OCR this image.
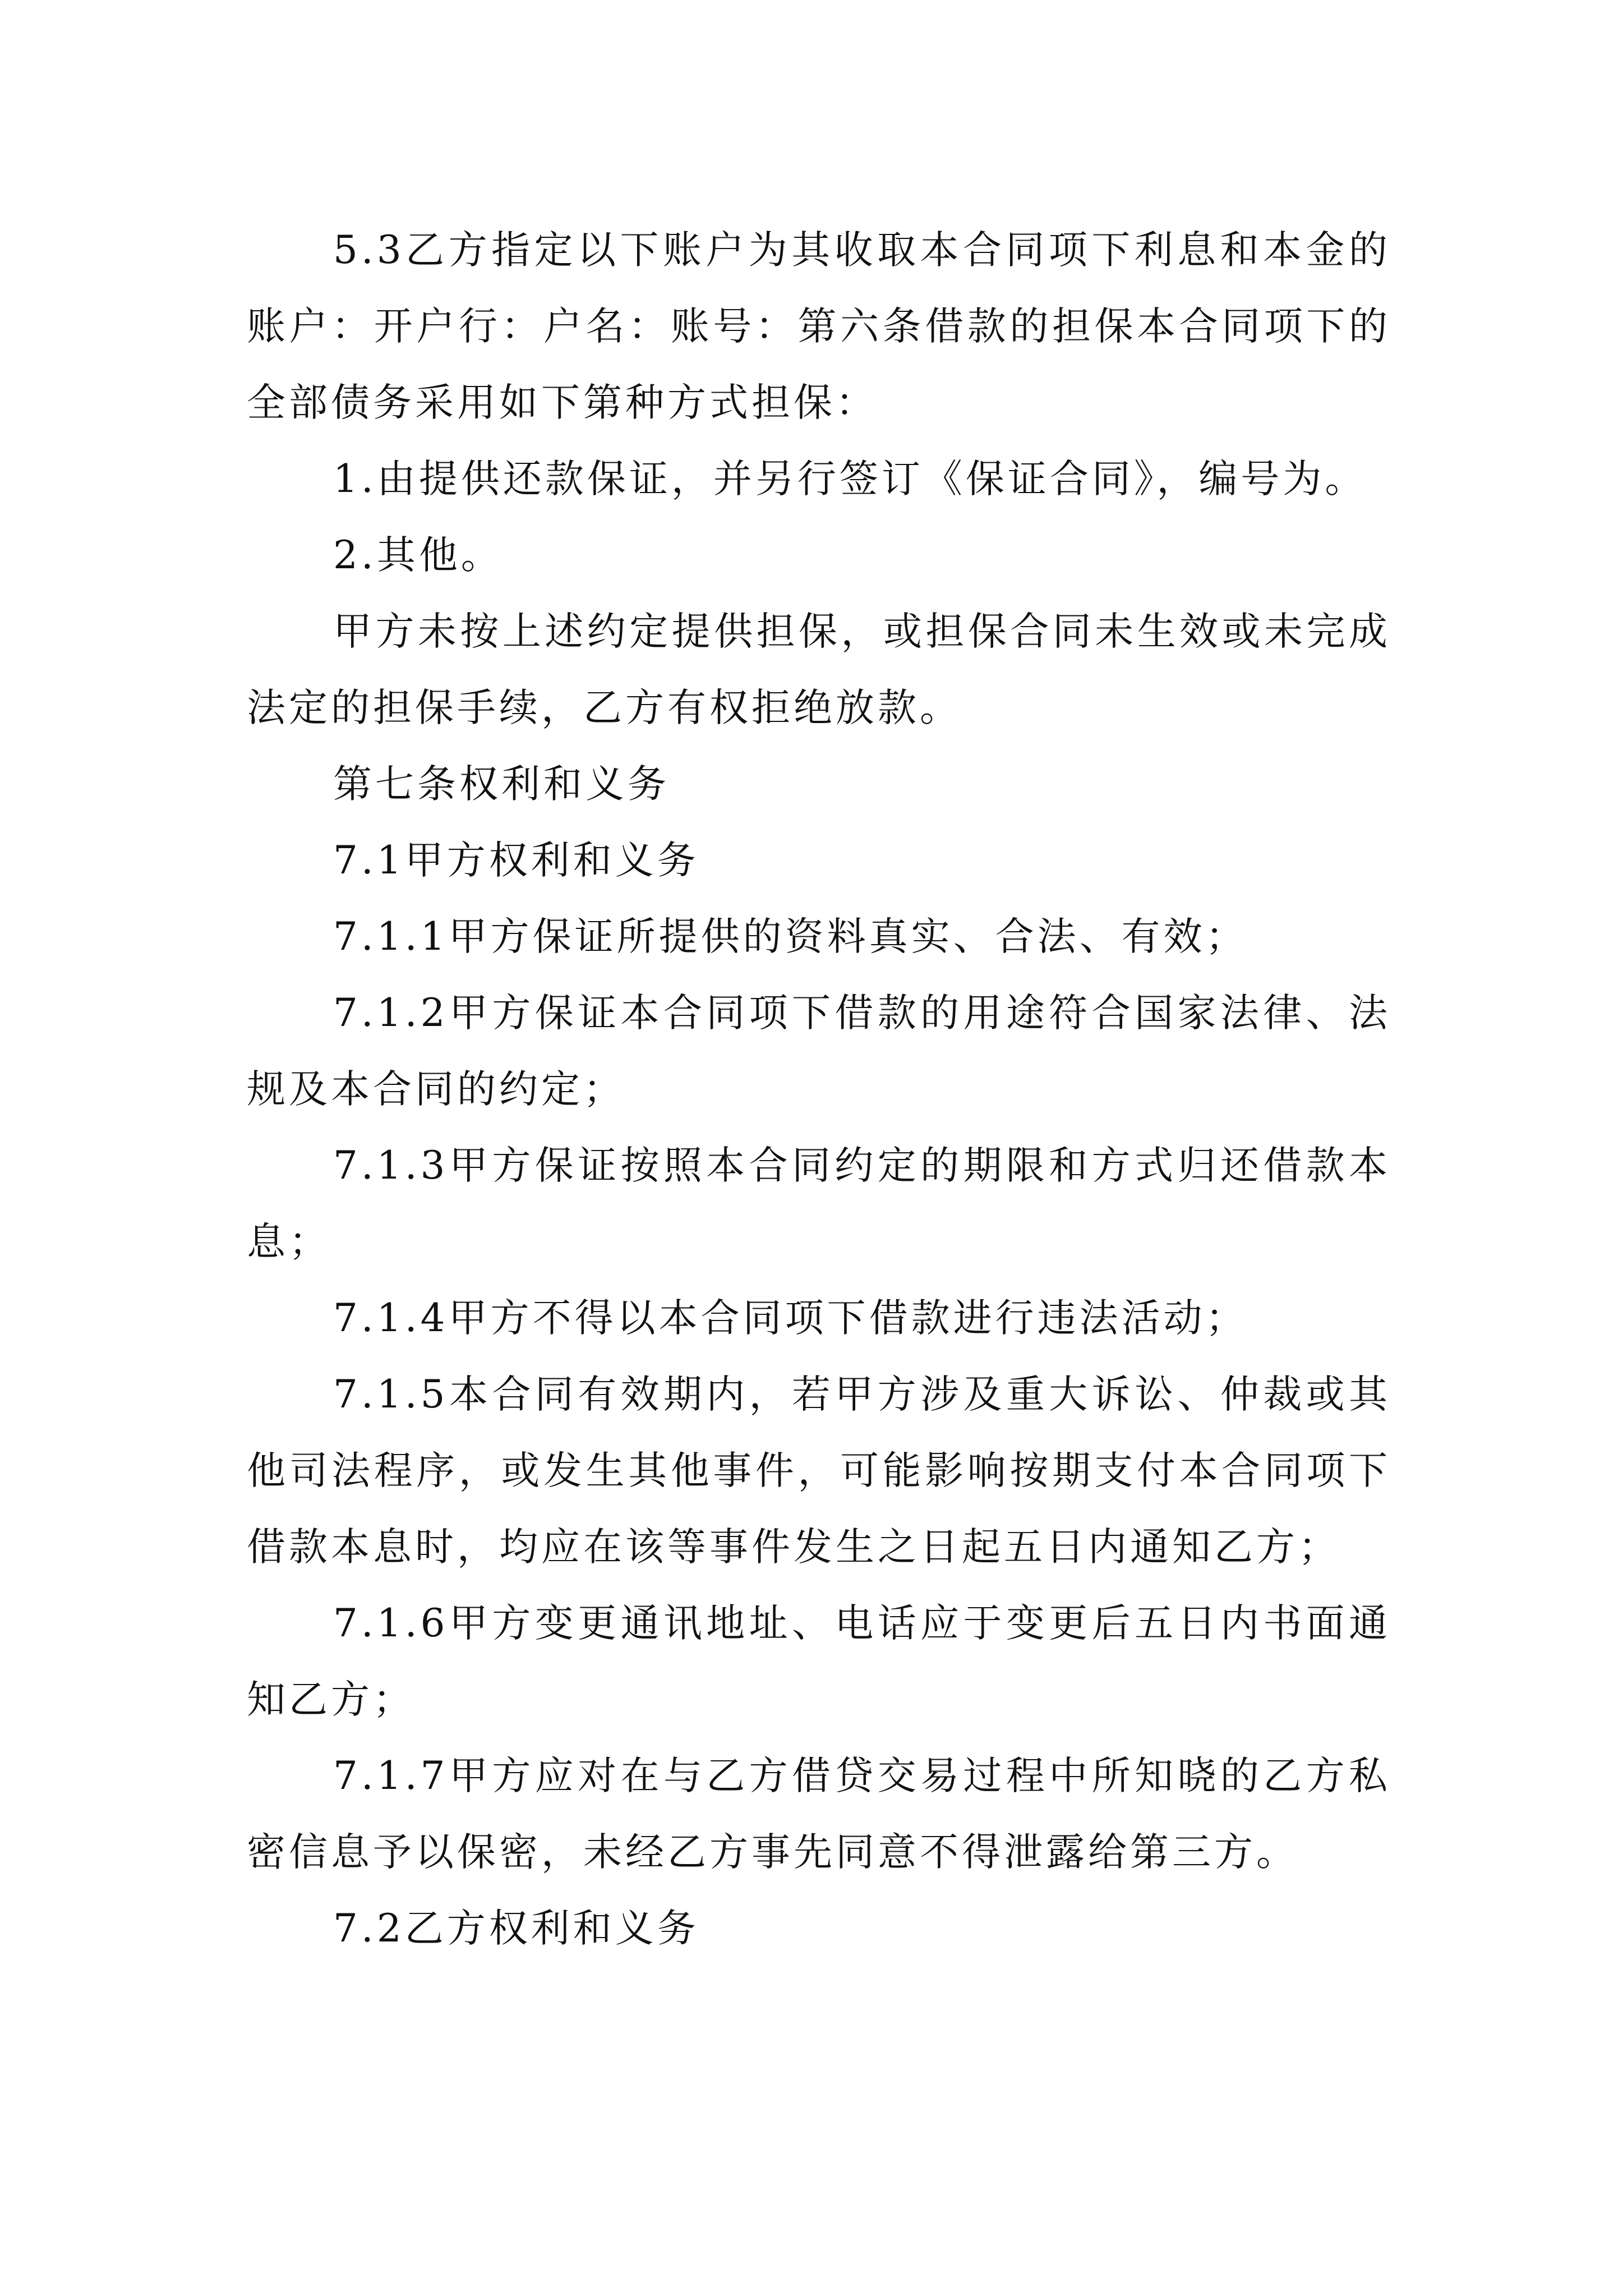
5.3乙方指定以下账户为其收取本合同项下利息和本金的账户：开户行：户名：账号：第六条借款的担保本合同项下的全部债务采用如下第种方式担保：

1.由提供还款保证，并另行签订《保证合同》，编号为。

2.其他。

甲方未按上述约定提供担保，或担保合同未生效或未完成法定的担保手续，乙方有权拒绝放款。

第七条权利和义务

7.1甲方权利和义务

7.1.1甲方保证所提供的资料真实、合法、有效；

7.1.2甲方保证本合同项下借款的用途符合国家法律、法规及本合同的约定；

7.1.3甲方保证按照本合同约定的期限和方式归还借款本息；

7.1.4甲方不得以本合同项下借款进行违法活动；

7.1.5本合同有效期内，若甲方涉及重大诉讼、仲裁或其他司法程序，或发生其他事件，可能影响按期支付本合同项下借款本息时，均应在该等事件发生之日起五日内通知乙方；

7.1.6甲方变更通讯地址、电话应于变更后五日内书面通知乙方；

7.1.7甲方应对在与乙方借贷交易过程中所知晓的乙方私密信息予以保密，未经乙方事先同意不得泄露给第三方。

7.2乙方权利和义务
